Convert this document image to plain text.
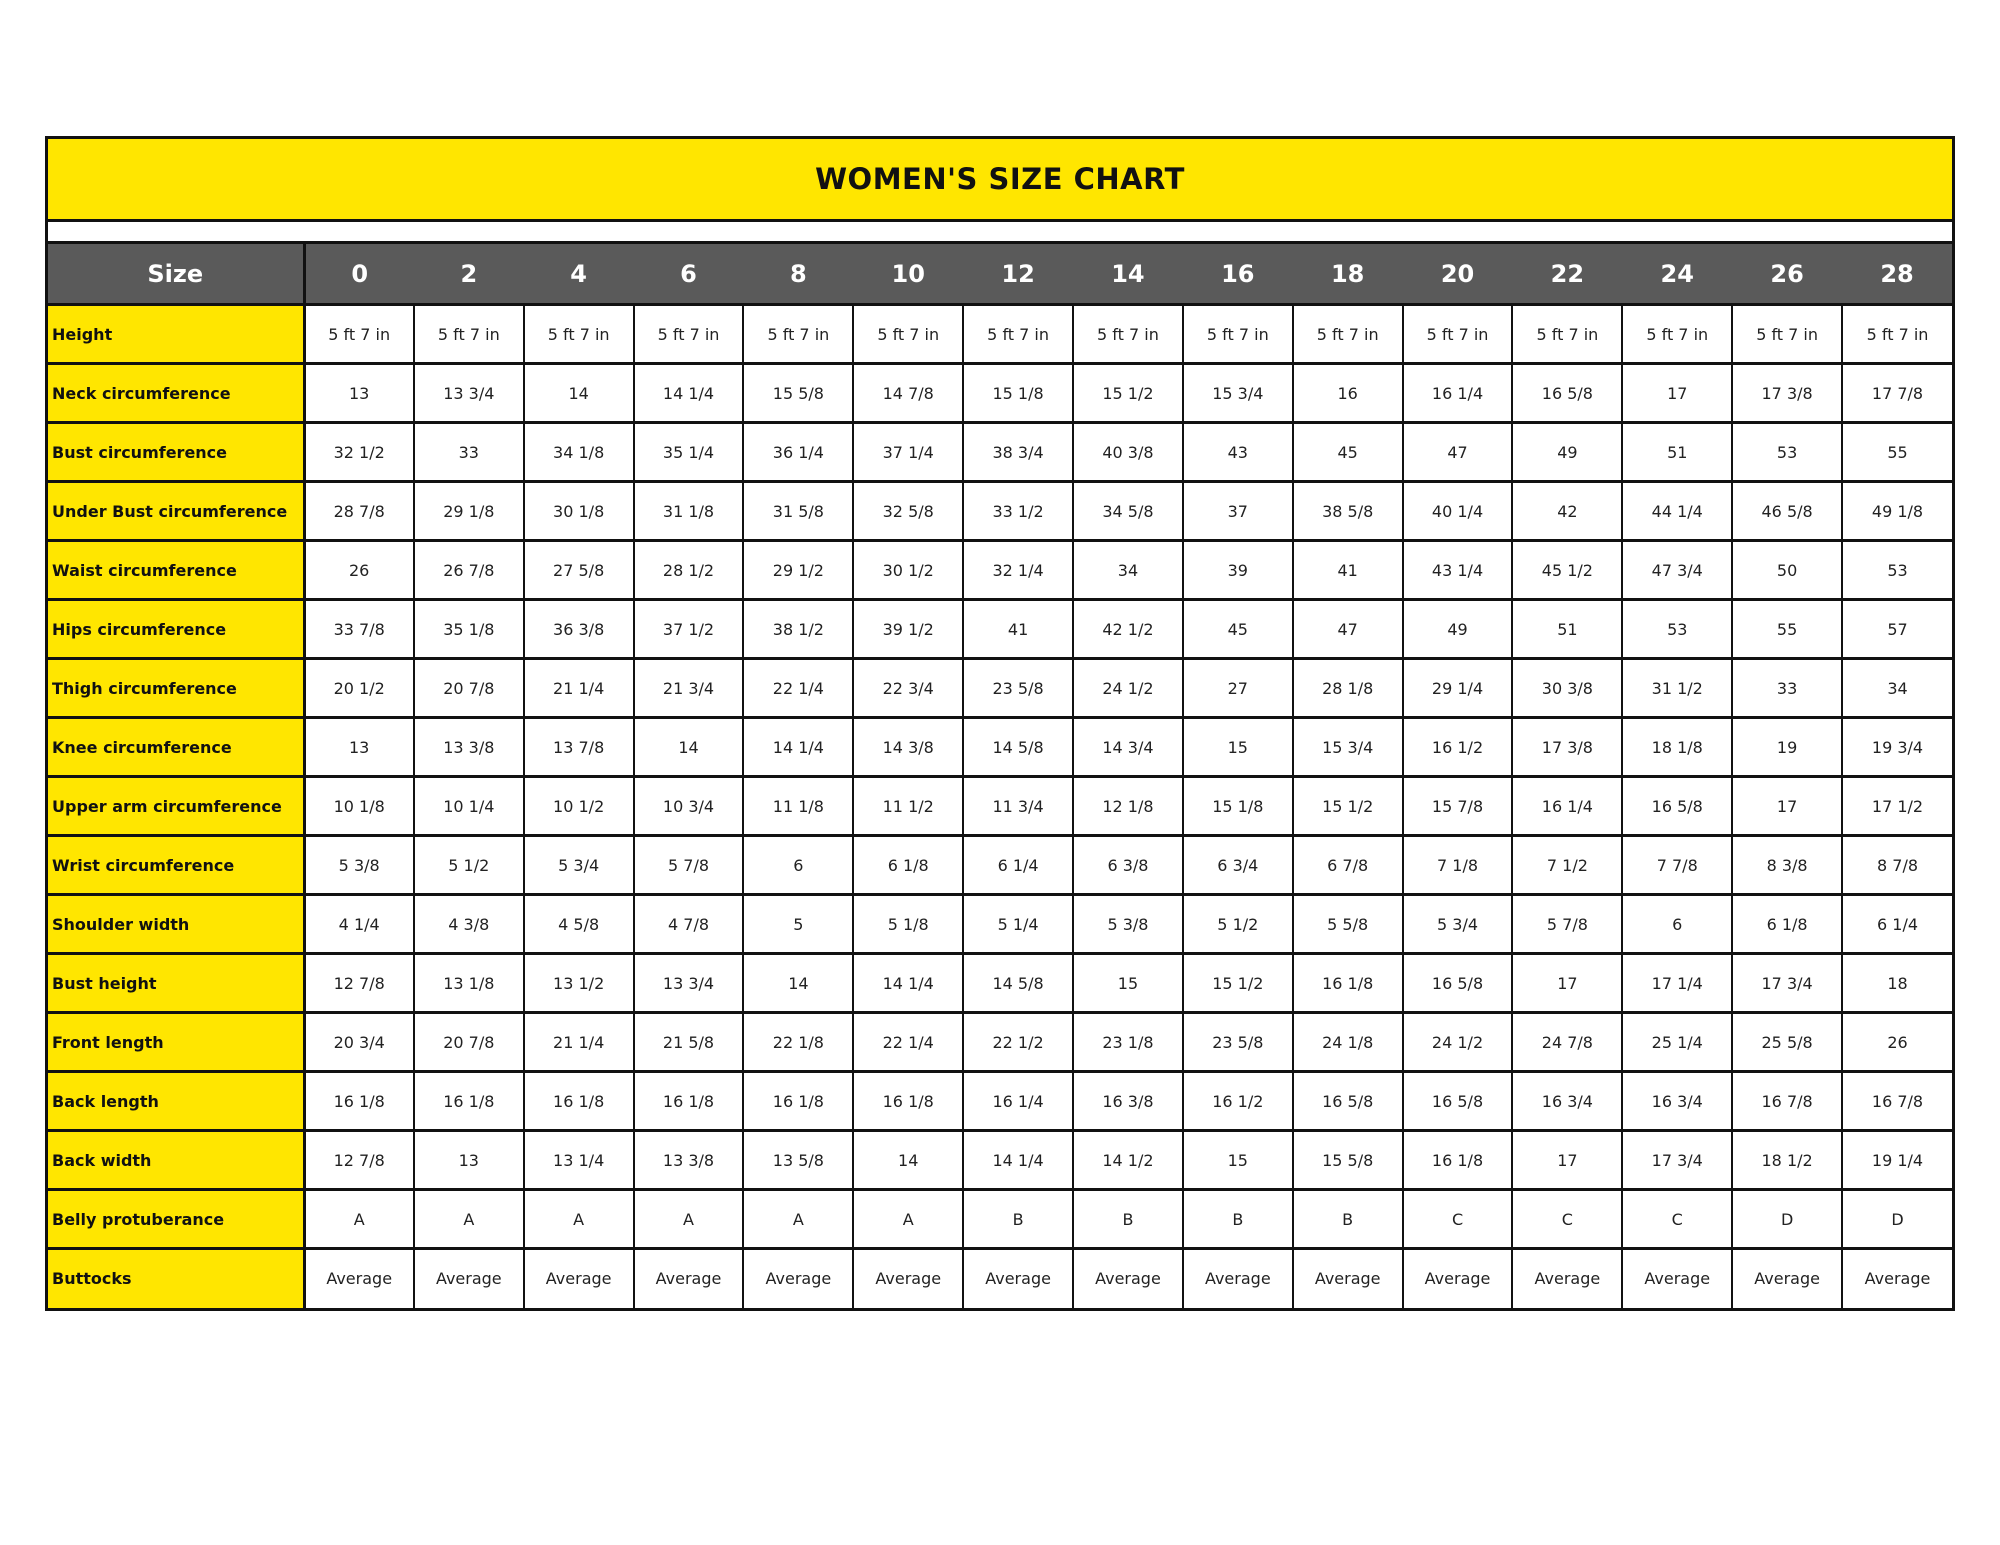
WOMEN'S SIZE CHART
Size	0	2	4	6	8	10	12	14	16	18	20	22	24	26	28
Height	5 ft 7 in	5 ft 7 in	5 ft 7 in	5 ft 7 in	5 ft 7 in	5 ft 7 in	5 ft 7 in	5 ft 7 in	5 ft 7 in	5 ft 7 in	5 ft 7 in	5 ft 7 in	5 ft 7 in	5 ft 7 in	5 ft 7 in
Neck circumference	13	13 3/4	14	14 1/4	15 5/8	14 7/8	15 1/8	15 1/2	15 3/4	16	16 1/4	16 5/8	17	17 3/8	17 7/8
Bust circumference	32 1/2	33	34 1/8	35 1/4	36 1/4	37 1/4	38 3/4	40 3/8	43	45	47	49	51	53	55
Under Bust circumference	28 7/8	29 1/8	30 1/8	31 1/8	31 5/8	32 5/8	33 1/2	34 5/8	37	38 5/8	40 1/4	42	44 1/4	46 5/8	49 1/8
Waist circumference	26	26 7/8	27 5/8	28 1/2	29 1/2	30 1/2	32 1/4	34	39	41	43 1/4	45 1/2	47 3/4	50	53
Hips circumference	33 7/8	35 1/8	36 3/8	37 1/2	38 1/2	39 1/2	41	42 1/2	45	47	49	51	53	55	57
Thigh circumference	20 1/2	20 7/8	21 1/4	21 3/4	22 1/4	22 3/4	23 5/8	24 1/2	27	28 1/8	29 1/4	30 3/8	31 1/2	33	34
Knee circumference	13	13 3/8	13 7/8	14	14 1/4	14 3/8	14 5/8	14 3/4	15	15 3/4	16 1/2	17 3/8	18 1/8	19	19 3/4
Upper arm circumference	10 1/8	10 1/4	10 1/2	10 3/4	11 1/8	11 1/2	11 3/4	12 1/8	15 1/8	15 1/2	15 7/8	16 1/4	16 5/8	17	17 1/2
Wrist circumference	5 3/8	5 1/2	5 3/4	5 7/8	6	6 1/8	6 1/4	6 3/8	6 3/4	6 7/8	7 1/8	7 1/2	7 7/8	8 3/8	8 7/8
Shoulder width	4 1/4	4 3/8	4 5/8	4 7/8	5	5 1/8	5 1/4	5 3/8	5 1/2	5 5/8	5 3/4	5 7/8	6	6 1/8	6 1/4
Bust height	12 7/8	13 1/8	13 1/2	13 3/4	14	14 1/4	14 5/8	15	15 1/2	16 1/8	16 5/8	17	17 1/4	17 3/4	18
Front length	20 3/4	20 7/8	21 1/4	21 5/8	22 1/8	22 1/4	22 1/2	23 1/8	23 5/8	24 1/8	24 1/2	24 7/8	25 1/4	25 5/8	26
Back length	16 1/8	16 1/8	16 1/8	16 1/8	16 1/8	16 1/8	16 1/4	16 3/8	16 1/2	16 5/8	16 5/8	16 3/4	16 3/4	16 7/8	16 7/8
Back width	12 7/8	13	13 1/4	13 3/8	13 5/8	14	14 1/4	14 1/2	15	15 5/8	16 1/8	17	17 3/4	18 1/2	19 1/4
Belly protuberance	A	A	A	A	A	A	B	B	B	B	C	C	C	D	D
Buttocks	Average	Average	Average	Average	Average	Average	Average	Average	Average	Average	Average	Average	Average	Average	Average
